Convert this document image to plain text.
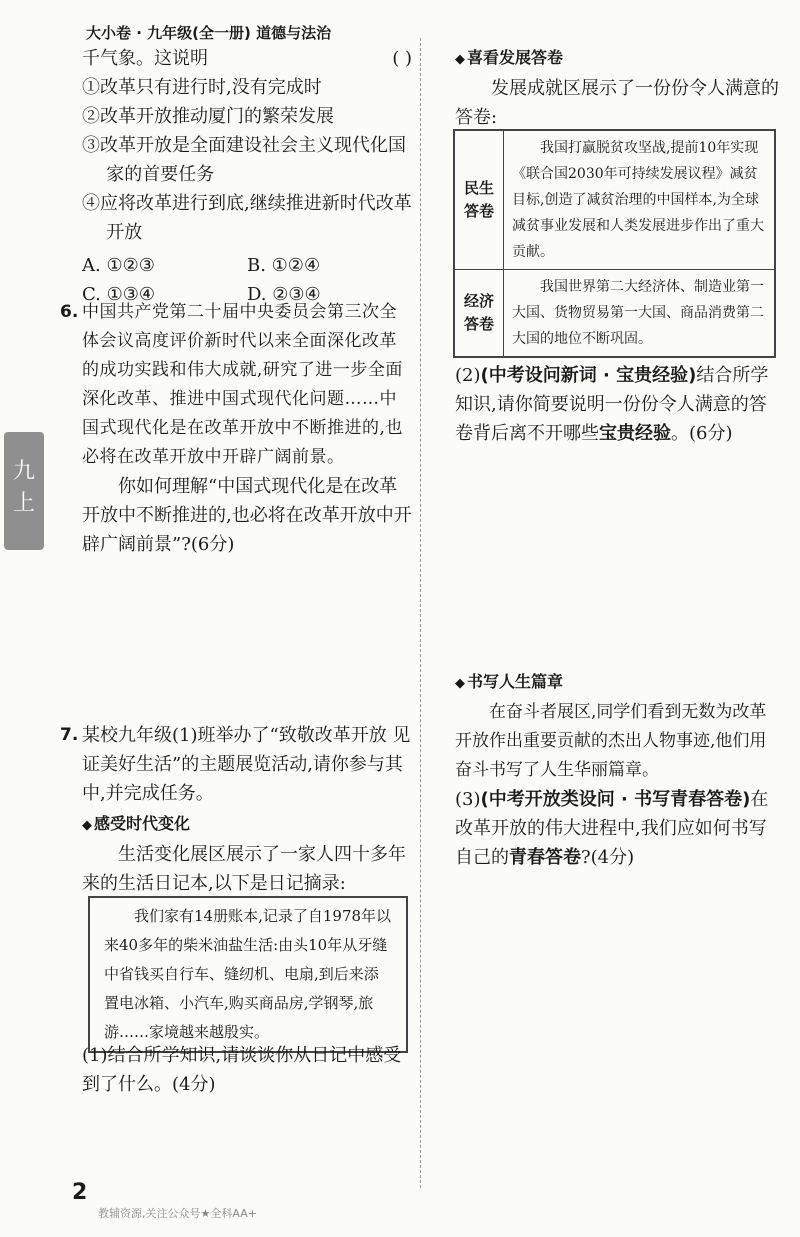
大小卷 · 九年级(全一册) 道德与法治
九
上

千气象。这说明	( )

①改革只有进行时,没有完成时

②改革开放推动厦门的繁荣发展

③改革开放是全面建设社会主义现代化国家的首要任务

④应将改革进行到底,继续推进新时代改革开放

A. ①②③	B. ①②④
C. ①③④	D. ②③④
6. 中国共产党第二十届中央委员会第三次全体会议高度评价新时代以来全面深化改革的成功实践和伟大成就,研究了进一步全面深化改革、推进中国式现代化问题……中国式现代化是在改革开放中不断推进的,也必将在改革开放中开辟广阔前景。

你如何理解“中国式现代化是在改革开放中不断推进的,也必将在改革开放中开辟广阔前景”?(6分)

7. 某校九年级(1)班举办了“致敬改革开放 见证美好生活”的主题展览活动,请你参与其中,并完成任务。

◆ 感受时代变化

生活变化展区展示了一家人四十多年来的生活日记本,以下是日记摘录:

我们家有14册账本,记录了自1978年以来40多年的柴米油盐生活:由头10年从牙缝中省钱买自行车、缝纫机、电扇,到后来添置电冰箱、小汽车,购买商品房,学钢琴,旅游……家境越来越殷实。

(1)结合所学知识,请谈谈你从日记中感受到了什么。(4分)

◆ 喜看发展答卷

发展成就区展示了一份份令人满意的答卷:

民生答卷	我国打赢脱贫攻坚战,提前10年实现《联合国2030年可持续发展议程》减贫目标,创造了减贫治理的中国样本,为全球减贫事业发展和人类发展进步作出了重大贡献。

经济答卷	我国世界第二大经济体、制造业第一大国、货物贸易第一大国、商品消费第二大国的地位不断巩固。

(2)(中考设问新词 · 宝贵经验)结合所学知识,请你简要说明一份份令人满意的答卷背后离不开哪些宝贵经验。(6分)

◆ 书写人生篇章

在奋斗者展区,同学们看到无数为改革开放作出重要贡献的杰出人物事迹,他们用奋斗书写了人生华丽篇章。

(3)(中考开放类设问 · 书写青春答卷)在改革开放的伟大进程中,我们应如何书写自己的青春答卷?(4分)

2
教辅资源,关注公众号★全科AA+
